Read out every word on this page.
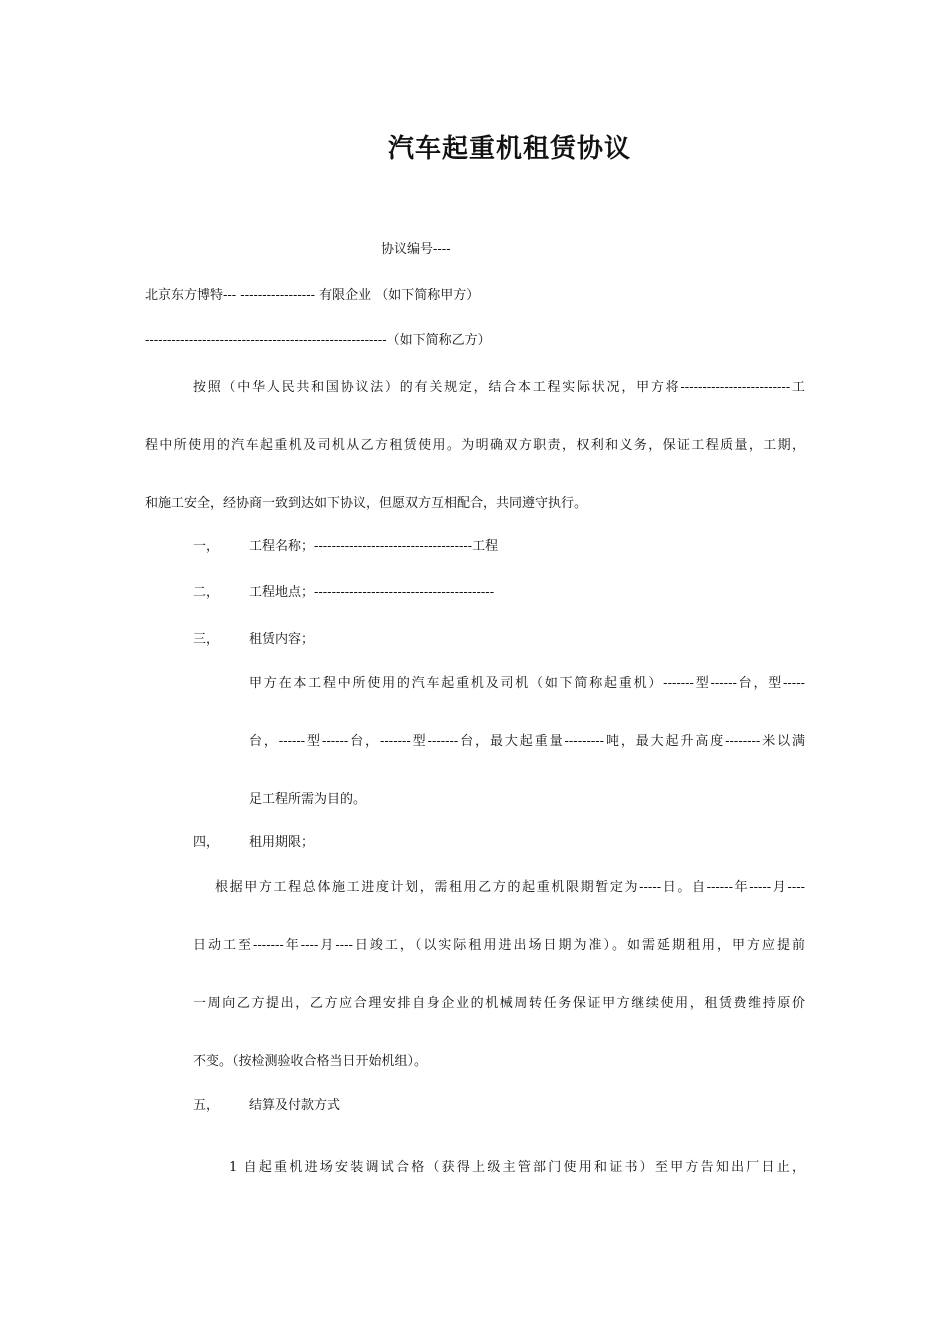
汽车起重机租赁协议
协议编号----
北京东方博特--- ----------------- 有限企业 （如下简称甲方）
-------------------------------------------------------（如下简称乙方）
按照（中华人民共和国协议法）的有关规定，结合本工程实际状况，甲方将-------------------------工
程中所使用的汽车起重机及司机从乙方租赁使用。为明确双方职责，权利和义务，保证工程质量，工期，
和施工安全，经协商一致到达如下协议，但愿双方互相配合，共同遵守执行。
一， 工程名称；------------------------------------工程
二， 工程地点；-----------------------------------------
三， 租赁内容；
甲方在本工程中所使用的汽车起重机及司机（如下简称起重机）-------型------台，型-----
台，------型------台，-------型-------台，最大起重量---------吨，最大起升高度--------米以满
足工程所需为目的。
四， 租用期限；
根据甲方工程总体施工进度计划，需租用乙方的起重机限期暂定为-----日。自------年-----月----
日动工至-------年----月----日竣工，（以实际租用进出场日期为准）。如需延期租用，甲方应提前
一周向乙方提出，乙方应合理安排自身企业的机械周转任务保证甲方继续使用，租赁费维持原价
不变。（按检测验收合格当日开始机组）。
五， 结算及付款方式
1 自起重机进场安装调试合格（获得上级主管部门使用和证书）至甲方告知出厂日止，
